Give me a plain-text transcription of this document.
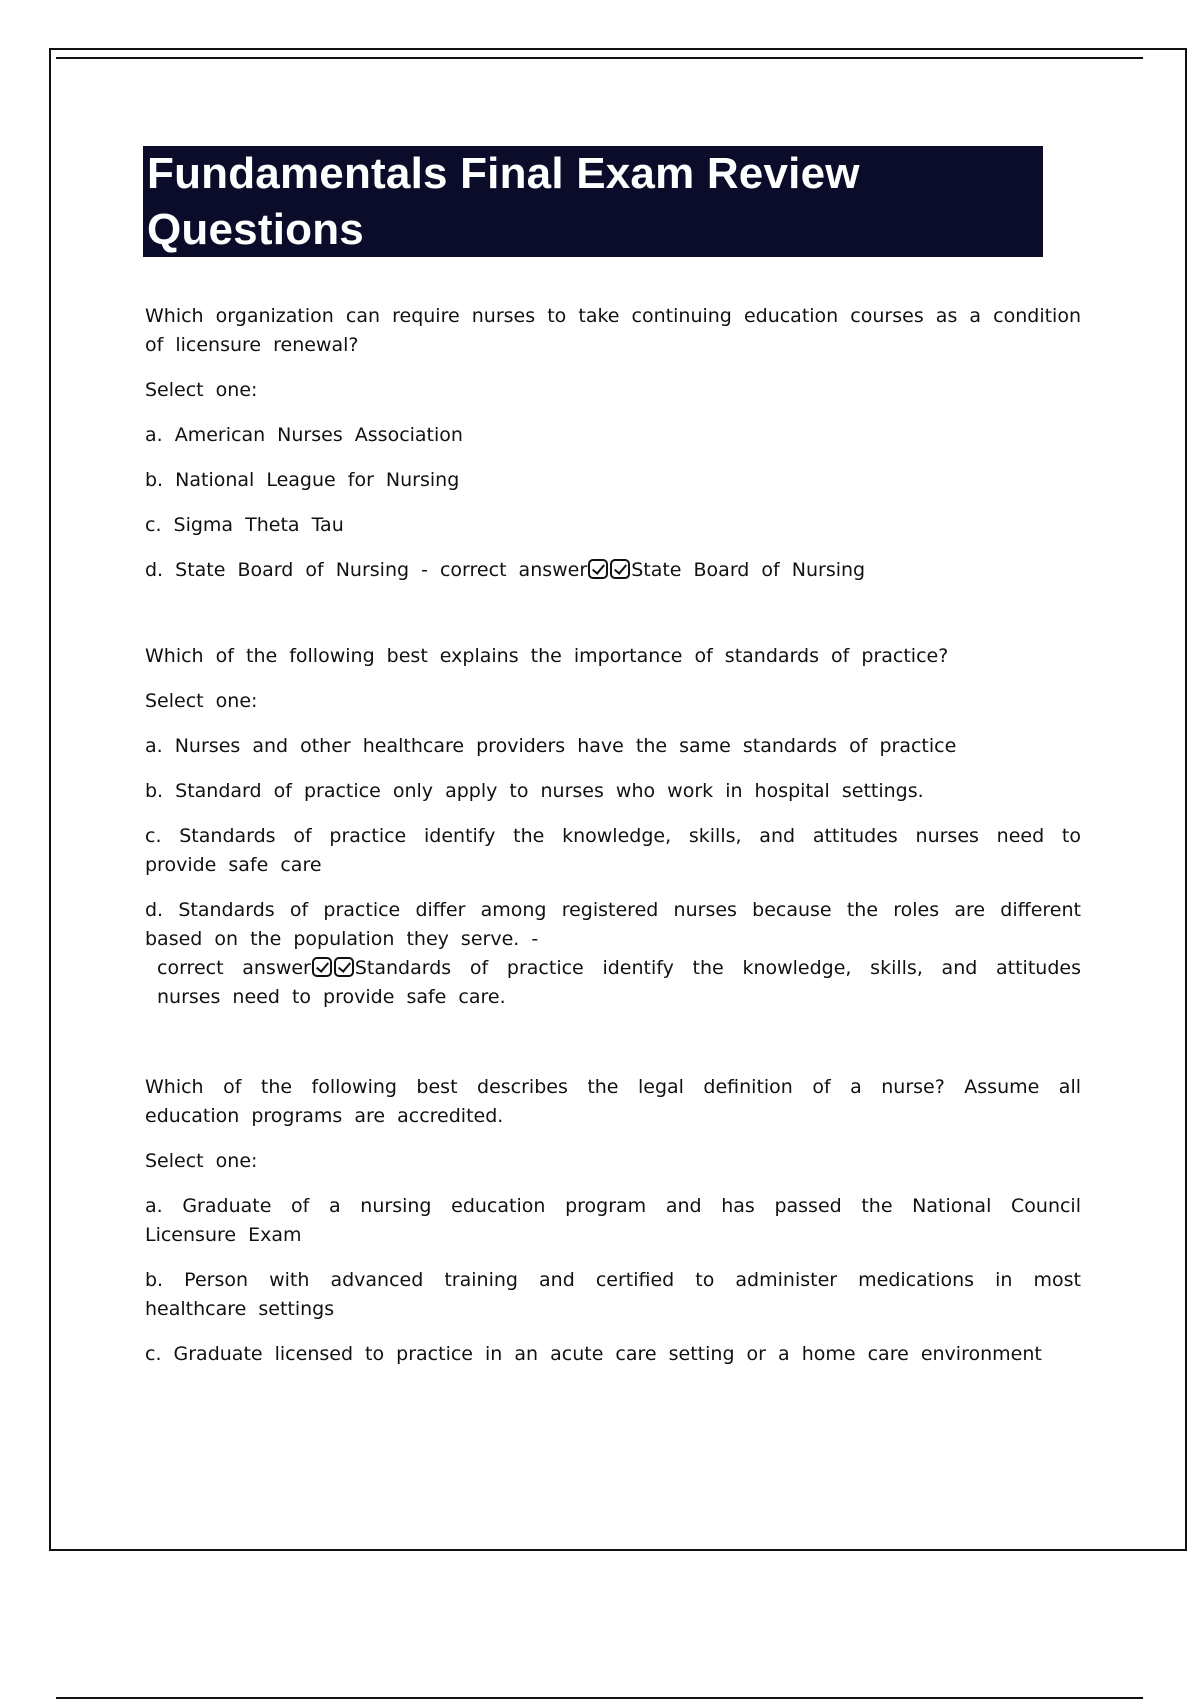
Fundamentals Final Exam Review
Questions

Which organization can require nurses to take continuing education courses as a condition of licensure renewal?

Select one:

a. American Nurses Association

b. National League for Nursing

c. Sigma Theta Tau

d. State Board of Nursing - correct answer State Board of Nursing

Which of the following best explains the importance of standards of practice?

Select one:

a. Nurses and other healthcare providers have the same standards of practice

b. Standard of practice only apply to nurses who work in hospital settings.

c. Standards of practice identify the knowledge, skills, and attitudes nurses need to provide safe care

d. Standards of practice differ among registered nurses because the roles are different based on the population they serve. -
correct answer Standards of practice identify the knowledge, skills, and attitudes nurses need to provide safe care.

Which of the following best describes the legal definition of a nurse? Assume all education programs are accredited.

Select one:

a. Graduate of a nursing education program and has passed the National Council Licensure Exam

b. Person with advanced training and certified to administer medications in most healthcare settings

c. Graduate licensed to practice in an acute care setting or a home care environment
